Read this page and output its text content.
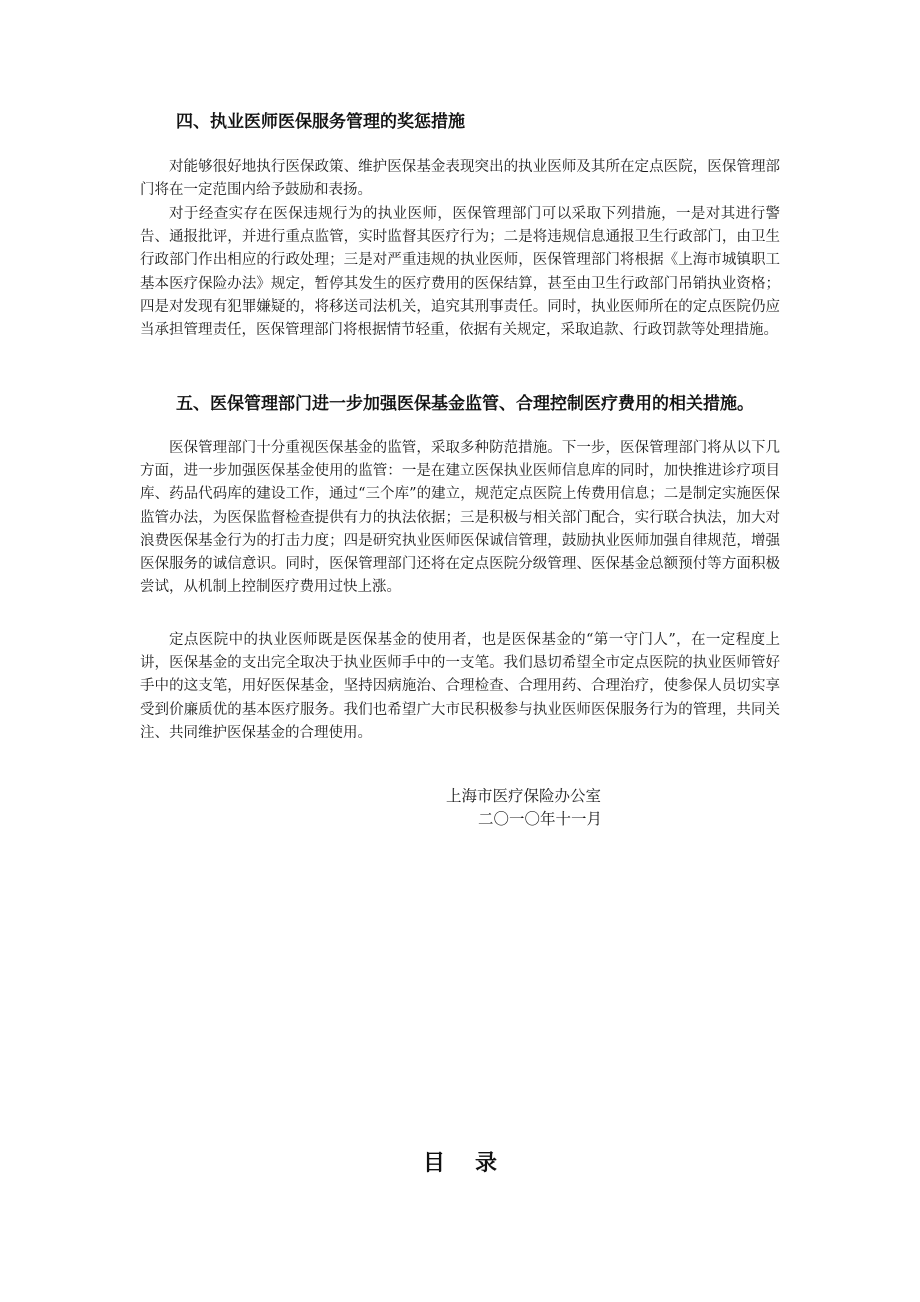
四、执业医师医保服务管理的奖惩措施

对能够很好地执行医保政策、维护医保基金表现突出的执业医师及其所在定点医院，医保管理部门将在一定范围内给予鼓励和表扬。

对于经查实存在医保违规行为的执业医师，医保管理部门可以采取下列措施，一是对其进行警告、通报批评，并进行重点监管，实时监督其医疗行为；二是将违规信息通报卫生行政部门，由卫生行政部门作出相应的行政处理；三是对严重违规的执业医师，医保管理部门将根据《上海市城镇职工基本医疗保险办法》规定，暂停其发生的医疗费用的医保结算，甚至由卫生行政部门吊销执业资格；四是对发现有犯罪嫌疑的，将移送司法机关，追究其刑事责任。同时，执业医师所在的定点医院仍应当承担管理责任，医保管理部门将根据情节轻重，依据有关规定，采取追款、行政罚款等处理措施。

五、医保管理部门进一步加强医保基金监管、合理控制医疗费用的相关措施。

医保管理部门十分重视医保基金的监管，采取多种防范措施。下一步，医保管理部门将从以下几方面，进一步加强医保基金使用的监管：一是在建立医保执业医师信息库的同时，加快推进诊疗项目库、药品代码库的建设工作，通过“三个库”的建立，规范定点医院上传费用信息；二是制定实施医保监管办法，为医保监督检查提供有力的执法依据；三是积极与相关部门配合，实行联合执法，加大对浪费医保基金行为的打击力度；四是研究执业医师医保诚信管理，鼓励执业医师加强自律规范，增强医保服务的诚信意识。同时，医保管理部门还将在定点医院分级管理、医保基金总额预付等方面积极尝试，从机制上控制医疗费用过快上涨。

定点医院中的执业医师既是医保基金的使用者，也是医保基金的“第一守门人”，在一定程度上讲，医保基金的支出完全取决于执业医师手中的一支笔。我们恳切希望全市定点医院的执业医师管好手中的这支笔，用好医保基金，坚持因病施治、合理检查、合理用药、合理治疗，使参保人员切实享受到价廉质优的基本医疗服务。我们也希望广大市民积极参与执业医师医保服务行为的管理，共同关注、共同维护医保基金的合理使用。

上海市医疗保险办公室
二〇一〇年十一月
目录
